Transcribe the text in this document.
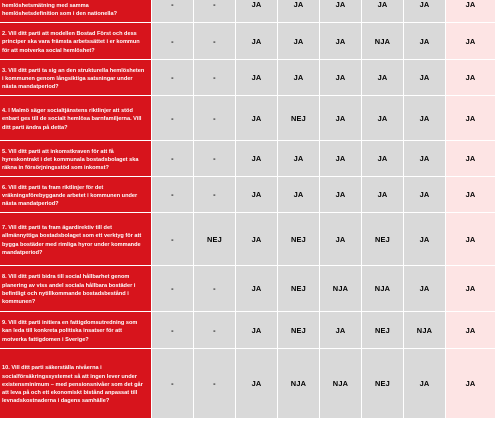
hemlöshetsmätning med samma hemlöshetsdefinition som i den nationella?
-	-	JA	JA	JA	JA	JA	JA
2. Vill ditt parti att modellen Bostad Först och dess principer ska vara främsta arbetssättet i er kommun för att motverka social hemlöshet?
-	-	JA	JA	JA	NJA	JA	JA
3. Vill ditt parti ta sig an den strukturella hemlösheten i kommunen genom långsiktiga satsningar under nästa mandatperiod?
-	-	JA	JA	JA	JA	JA	JA
4. I Malmö säger socialtjänstens riktlinjer att stöd enbart ges till de socialt hemlösa barnfamiljerna. Vill ditt parti ändra på detta?
-	-	JA	NEJ	JA	JA	JA	JA
5. Vill ditt parti att inkomstkraven för att få hyreskontrakt i det kommunala bostadsbolaget ska räkna in försörjningsstöd som inkomst?
-	-	JA	JA	JA	JA	JA	JA
6. Vill ditt parti ta fram riktlinjer för det vräkningsförebyggande arbetet i kommunen under nästa mandatperiod?
-	-	JA	JA	JA	JA	JA	JA
7. Vill ditt parti ta fram ägardirektiv till det allmännyttiga bostadsbolaget som ett verktyg för att bygga bostäder med rimliga hyror under kommande mandatperiod?
-	NEJ	JA	NEJ	JA	NEJ	JA	JA
8. Vill ditt parti bidra till social hållbarhet genom planering av viss andel sociala hållbara bostäder i befintligt och nytillkommande bostadsbestånd i kommunen?
-	-	JA	NEJ	NJA	NJA	JA	JA
9. Vill ditt parti initiera en fattigdomsutredning som kan leda till konkreta politiska insatser för att motverka fattigdomen i Sverige?
-	-	JA	NEJ	JA	NEJ	NJA	JA
10. Vill ditt parti säkerställa nivåerna i socialförsäkringssystemet så att ingen lever under existensminimum – med pensionsnivåer som det går att leva på och ett ekonomiskt bistånd anpassat till levnadskostnaderna i dagens samhälle?
-	-	JA	NJA	NJA	NEJ	JA	JA
